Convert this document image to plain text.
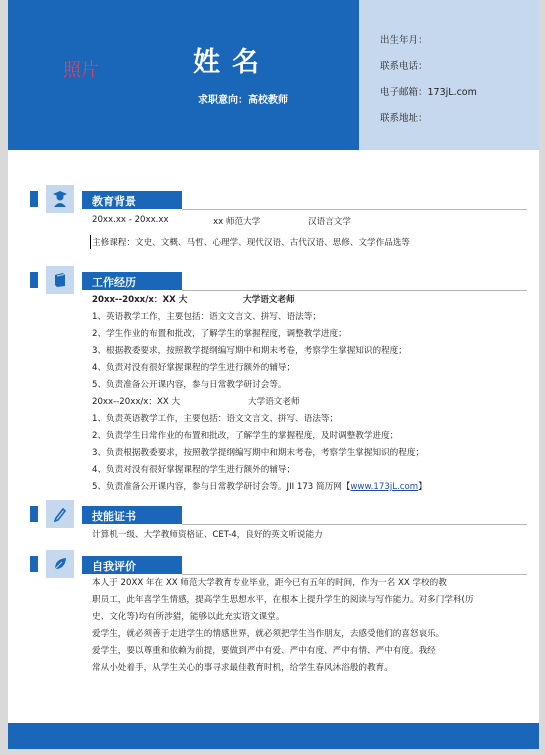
照片	姓名
求职意向：高校教师
出生年月：
联系电话：
电子邮箱：173jL.com
联系地址：
教育背景
20xx.xx - 20xx.xx	xx 师范大学	汉语言文学
主修课程：文史、文概、马哲、心理学、现代汉语、古代汉语、思修、文学作品选等
工作经历
20xx--20xx/x：XX 大	大学语文老师
1、英语教学工作，主要包括：语文文言文、拼写、语法等；
2、学生作业的布置和批改，了解学生的掌握程度，调整教学进度；
3、根据教委要求，按照教学提纲编写期中和期末考卷，考察学生掌握知识的程度；
4、负责对没有很好掌握课程的学生进行额外的辅导；
5、负责准备公开课内容，参与日常教学研讨会等。
20xx--20xx/x：XX 大	大学语文老师
1、负责英语教学工作，主要包括：语文文言文、拼写、语法等；
2、负责学生日常作业的布置和批改，了解学生的掌握程度，及时调整教学进度；
3、负责根据教委要求，按照教学提纲编写期中和期末考卷，考察学生掌握知识的程度；
4、负责对没有很好掌握课程的学生进行额外的辅导；
5、负责准备公开课内容，参与日常教学研讨会等。JII 173 简历网【www.173jL.com】
技能证书
计算机一级、大学教师资格证、CET-4，良好的英文听说能力
自我评价
本人于 20XX 年在 XX 师范大学教育专业毕业，距今已有五年的时间，作为一名 XX 学校的教
职员工，此年喜学生情感，提高学生思想水平，在根本上提升学生的阅读与写作能力。对多门学科(历
史、文化等)均有所涉猎，能够以此充实语文课堂。
爱学生，就必须善于走进学生的情感世界，就必须把学生当作朋友，去感受他们的喜怒哀乐。
爱学生，要以尊重和依赖为前提，要做到严中有爱、严中有度、严中有情、严中有度。我经
常从小处着手，从学生关心的事寻求最佳教育时机，给学生春风沐浴般的教育。
